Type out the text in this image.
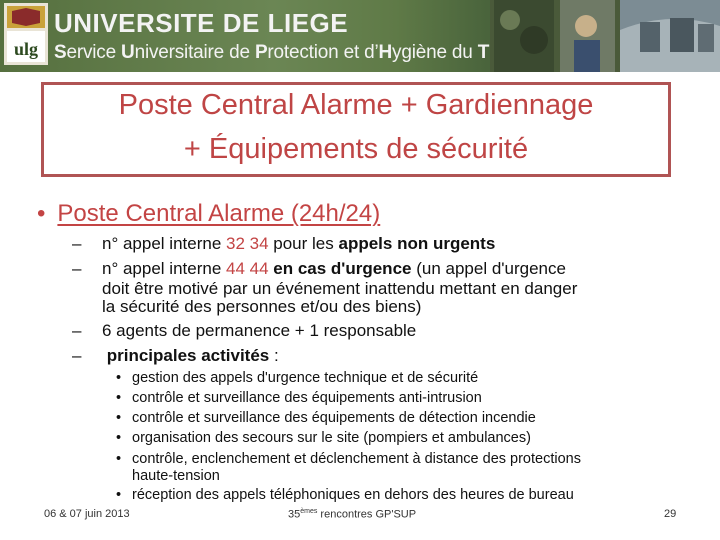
ulg
UNIVERSITE DE LIEGE
Service Universitaire de Protection et d’Hygiène du T
Poste Central Alarme + Gardiennage
+ Équipements de sécurité
• Poste Central Alarme (24h/24)
– n° appel interne 32 34 pour les appels non urgents
– n° appel interne 44 44 en cas d'urgence (un appel d'urgence
doit être motivé par un événement inattendu mettant en danger
la sécurité des personnes et/ou des biens)
– 6 agents de permanence + 1 responsable
– principales activités :
• gestion des appels d'urgence technique et de sécurité
• contrôle et surveillance des équipements anti-intrusion
• contrôle et surveillance des équipements de détection incendie
• organisation des secours sur le site (pompiers et ambulances)
• contrôle, enclenchement et déclenchement à distance des protections
haute-tension
• réception des appels téléphoniques en dehors des heures de bureau
06 & 07 juin 2013	35èmes rencontres GP'SUP	29
